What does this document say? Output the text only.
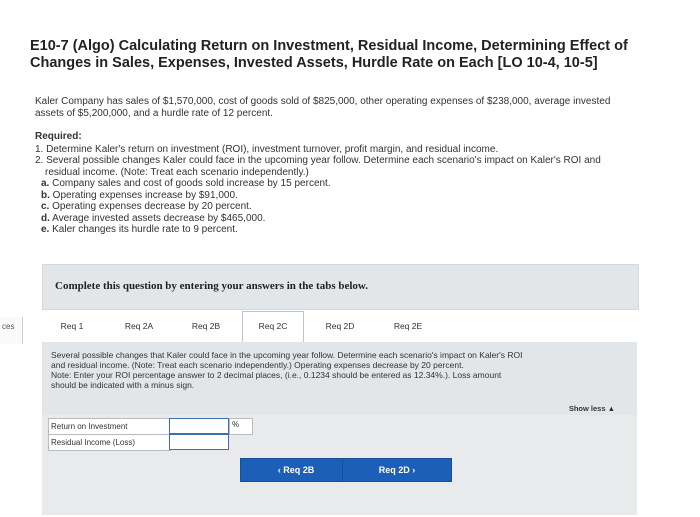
ces
E10-7 (Algo) Calculating Return on Investment, Residual Income, Determining Effect of Changes in Sales, Expenses, Invested Assets, Hurdle Rate on Each [LO 10-4, 10-5]
Kaler Company has sales of $1,570,000, cost of goods sold of $825,000, other operating expenses of $238,000, average invested
assets of $5,200,000, and a hurdle rate of 12 percent.
Required:
1. Determine Kaler's return on investment (ROI), investment turnover, profit margin, and residual income.
2. Several possible changes Kaler could face in the upcoming year follow. Determine each scenario's impact on Kaler's ROI and
residual income. (Note: Treat each scenario independently.)
a. Company sales and cost of goods sold increase by 15 percent.
b. Operating expenses increase by $91,000.
c. Operating expenses decrease by 20 percent.
d. Average invested assets decrease by $465,000.
e. Kaler changes its hurdle rate to 9 percent.
Complete this question by entering your answers in the tabs below.
Req 1	Req 2A	Req 2B	Req 2C	Req 2D	Req 2E
Several possible changes that Kaler could face in the upcoming year follow. Determine each scenario's impact on Kaler's ROI
and residual income. (Note: Treat each scenario independently.) Operating expenses decrease by 20 percent.
Note: Enter your ROI percentage answer to 2 decimal places, (i.e., 0.1234 should be entered as 12.34%.). Loss amount
should be indicated with a minus sign.
Show less ▲
Return on Investment	%
Residual Income (Loss)
‹ Req 2B	Req 2D ›
